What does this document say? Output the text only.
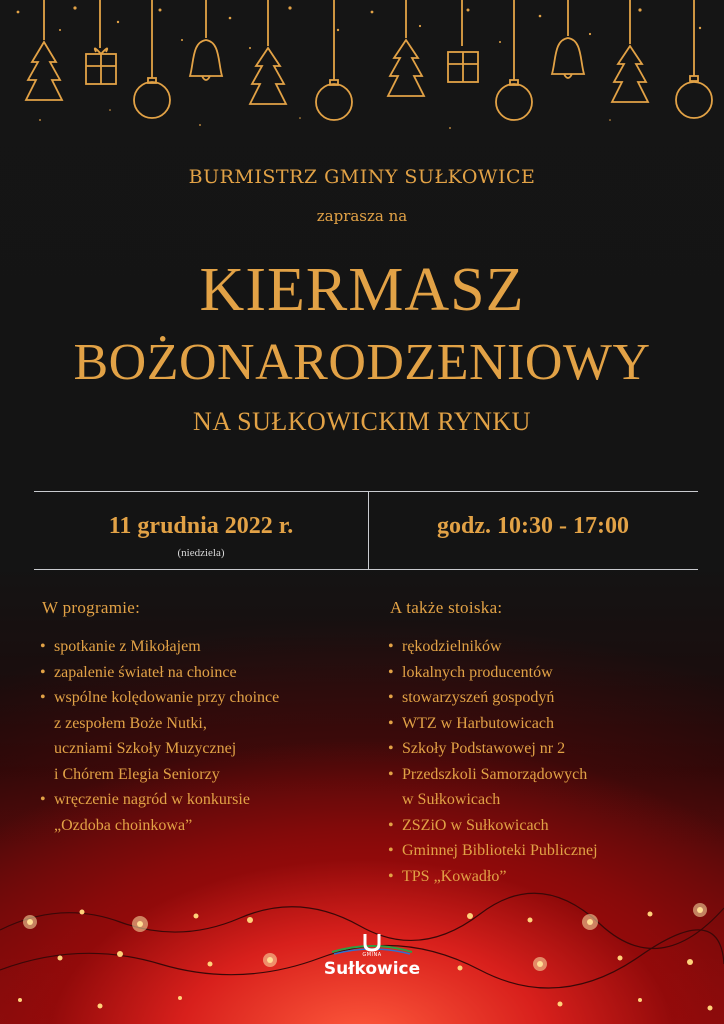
BURMISTRZ GMINY SUŁKOWICE
zaprasza na
KIERMASZ
BOŻONARODZENIOWY
NA SUŁKOWICKIM RYNKU
11 grudnia 2022 r.
(niedziela)
godz. 10:30 - 17:00
W programie:
• spotkanie z Mikołajem
• zapalenie świateł na choince
• wspólne kolędowanie przy choince
z zespołem Boże Nutki,
uczniami Szkoły Muzycznej
i Chórem Elegia Seniorzy
• wręczenie nagród w konkursie
„Ozdoba choinkowa”
A także stoiska:
• rękodzielników
• lokalnych producentów
• stowarzyszeń gospodyń
• WTZ w Harbutowicach
• Szkoły Podstawowej nr 2
• Przedszkoli Samorządowych
w Sułkowicach
• ZSZiO w Sułkowicach
• Gminnej Biblioteki Publicznej
• TPS „Kowadło”
GMINA
Sułkowice
